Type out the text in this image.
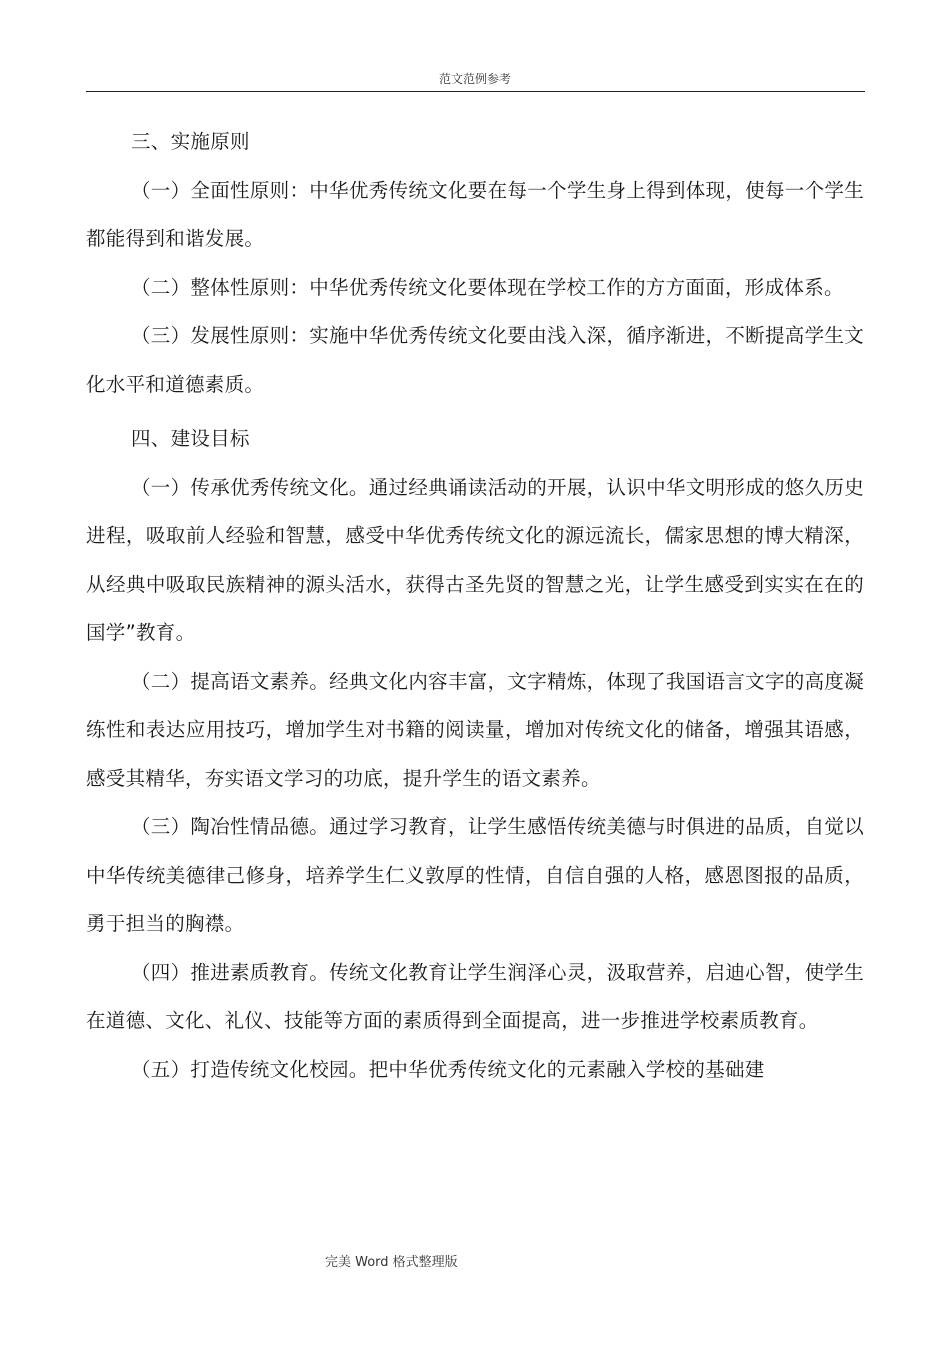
范文范例参考

三、实施原则

（一）全面性原则：中华优秀传统文化要在每一个学生身上得到体现，使每一个学生都能得到和谐发展。

（二）整体性原则：中华优秀传统文化要体现在学校工作的方方面面，形成体系。

（三）发展性原则：实施中华优秀传统文化要由浅入深，循序渐进，不断提高学生文化水平和道德素质。

四、建设目标

（一）传承优秀传统文化。通过经典诵读活动的开展，认识中华文明形成的悠久历史进程，吸取前人经验和智慧，感受中华优秀传统文化的源远流长，儒家思想的博大精深，从经典中吸取民族精神的源头活水，获得古圣先贤的智慧之光，让学生感受到实实在在的国学”教育。

（二）提高语文素养。经典文化内容丰富，文字精炼，体现了我国语言文字的高度凝练性和表达应用技巧，增加学生对书籍的阅读量，增加对传统文化的储备，增强其语感，感受其精华，夯实语文学习的功底，提升学生的语文素养。

（三）陶冶性情品德。通过学习教育，让学生感悟传统美德与时俱进的品质，自觉以中华传统美德律己修身，培养学生仁义敦厚的性情，自信自强的人格，感恩图报的品质，勇于担当的胸襟。

（四）推进素质教育。传统文化教育让学生润泽心灵，汲取营养，启迪心智，使学生在道德、文化、礼仪、技能等方面的素质得到全面提高，进一步推进学校素质教育。

（五）打造传统文化校园。把中华优秀传统文化的元素融入学校的基础建

完美 Word 格式整理版
